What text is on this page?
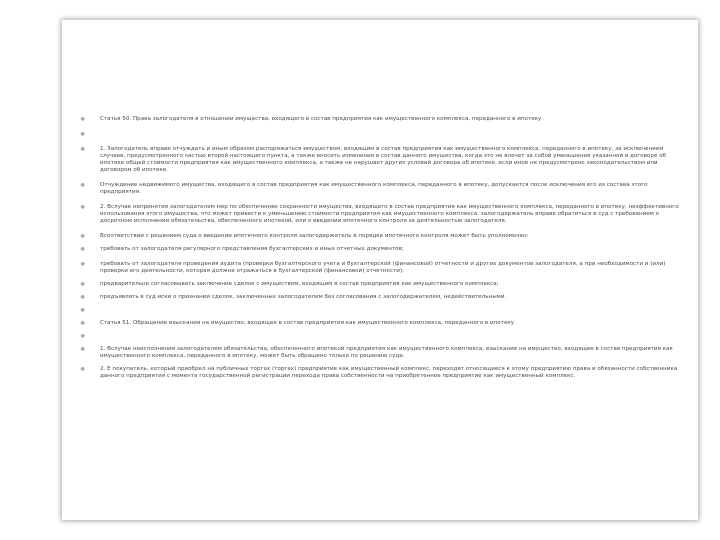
❖	Статья 50. Права залогодателя в отношении имущества, входящего в состав предприятия как имущественного комплекса, переданного в ипотеку
❖

❖	1. Залогодатель вправе отчуждать и иным образом распоряжаться имуществом, входящим в состав предприятия как имущественного комплекса, переданного в ипотеку, за исключением случаев, предусмотренного частью второй настоящего пункта, а также вносить изменения в состав данного имущества, когда это не влечет за собой уменьшения указанной в договоре об ипотеке общей стоимости предприятия как имущественного комплекса, а также не нарушает других условий договора об ипотеке, если иное не предусмотрено законодательством или договором об ипотеке.
❖	Отчуждение недвижимого имущества, входящего в состав предприятия как имущественного комплекса, переданного в ипотеку, допускается после исключения его из состава этого предприятия.
❖	2. Вслучае непринятия залогодателем мер по обеспечению сохранности имущества, входящего в состав предприятия как имущественного комплекса, переданного в ипотеку, неэффективного использования этого имущества, что может привести к уменьшению стоимости предприятия как имущественного комплекса, залогодержатель вправе обратиться в суд с требованием о досрочном исполнении обязательства, обеспеченного ипотекой, или о введении ипотечного контроля за деятельностью залогодателя.
❖	Всоответствии с решением суда о введении ипотечного контроля залогодержатель в порядке ипотечного контроля может быть уполномочен:
❖	требовать от залогодателя регулярного представления бухгалтерских и иных отчетных документов;
❖	требовать от залогодателя проведения аудита (проверки бухгалтерского учета и бухгалтерской (финансовой) отчетности и других документов залогодателя, а при необходимости и (или) проверки его деятельности, которая должна отражаться в бухгалтерской (финансовой) отчетности);
❖	предварительно согласовывать заключение сделок с имуществом, входящим в состав предприятия как имущественного комплекса;
❖	предъявлять в суд иски о признании сделок, заключенных залогодателем без согласования с залогодержателем, недействительными.
❖

❖	Статья 51. Обращение взыскания на имущество, входящее в состав предприятия как имущественного комплекса, переданного в ипотеку
❖

❖	1. Вслучае неисполнения залогодателем обязательства, обеспеченного ипотекой предприятия как имущественного комплекса, взыскание на имущество, входящее в состав предприятия как имущественного комплекса, переданного в ипотеку, может быть обращено только по решению суда.
❖	2. Е покупатель, который приобрел на публичных торгах (торгах) предприятие как имущественный комплекс, переходят относящиеся к этому предприятию права и обязанности собственника данного предприятия с момента государственной регистрации перехода права собственности на приобретенное предприятие как имущественный комплекс.
